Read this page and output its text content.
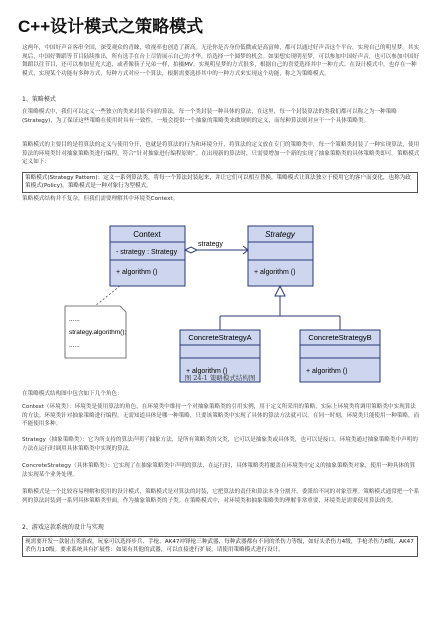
C++设计模式之策略模式

这两年，中国好声音客串全国，深受观众的青睐，收视率也创造了新高。无论你是否身份低微或是高富帅，都可以通过好声音这个平台，实现自己的明星梦。其实现后，中国好舞蹈等节目陆续推出，所有选手在台上尽情展示自己的才华，给选择一个圆梦的机会。如果想实现明星梦，可以参加中国好声音，也可以参加中国好舞蹈以往节目，还可以参加星光大道，或者像筷子兄弟一样，拍摄MV。实现明星梦的方式很多，根据自己的喜爱选择其中一种方式。在设计模式中，也存在一种模式，实现某个功能有多种方式，每种方式对应一个算法，根据需要选择其中的一种方式来实现这个功能，称之为策略模式。

1、策略模式

在策略模式中，我们可以定义一些独立的类来封装不同的算法，每一个类封装一种具体的算法，在这里，每一个封装算法的类我们都可以称之为一种策略(Strategy)，为了保证这些策略在使用时具有一致性，一般会提供一个抽象的策略类来做规则的定义，而每种算法则对应于一个具体策略类。

策略模式的主要目的是将算法的定义与使用分开，也就是将算法的行为和环境分开，将算法的定义放在专门的策略类中，每一个策略类封装了一种实现算法，使用算法的环境类针对抽象策略类进行编程，符合“针对抽象进行编程原则”。在出现新的算法时，只需要增加一个新的实现了抽象策略类的具体策略类即可。策略模式定义如下：

策略模式(Strategy Pattern)：定义一系列算法类，将每一个算法封装起来，并让它们可以相互替换，策略模式让算法独立于使用它的客户而变化，也称为政策模式(Policy)。策略模式是一种对象行为型模式。

策略模式结构并不复杂，但我们需要理解其中环境类Context。

Context
- strategy : Strategy
+ algorithm ()
strategy
Strategy
+ algorithm ()
...... strategy.algorithm(); ......
ConcreteStrategyA
+ algorithm ()
ConcreteStrategyB
+ algorithm ()
图 24-1 策略模式结构图

在策略模式结构图中包含如下几个角色：

Context（环境类）：环境类是使用算法的角色，在环境类中维持一个对抽象策略类的引用实例，用于定义所采用的策略，实际上环境类将调用策略类中实现算法的方法。环境类针对抽象策略进行编程，无需知道具体是哪一种策略，只要该策略类中实现了具体的算法方法就可以。在同一时刻，环境类只能使用一种策略，而不能使用多种。

Strategy（抽象策略类）：它为所支持的算法声明了抽象方法，是所有策略类的父类，它可以是抽象类或具体类，也可以是接口。环境类通过抽象策略类中声明的方法在运行时调用具体策略类中实现的算法。

ConcreteStrategy（具体策略类）：它实现了在抽象策略类中声明的算法，在运行时，具体策略类将覆盖在环境类中定义的抽象策略类对象，使用一种具体的算法实现某个业务处理。

策略模式是一个比较容易理解和使用的设计模式，策略模式是对算法的封装，它把算法的责任和算法本身分割开，委派给不同的对象管理。策略模式通常把一个系列的算法封装到一系列具体策略类里面，作为抽象策略类的子类。在策略模式中，对环境类和抽象策略类的理解非常重要，环境类是需要使用算法的类。

2、游戏这款系统的设计与实现

现需要开发一款射击类游戏，玩家可以选择步兵、手枪、AK47冲锋枪三种武器，每种武器都有不同的杀伤力等级，如好头杀伤力4级，手枪杀伤力8级，AK47杀伤力10级。要求系统具有扩展性：如果有其他的武器，可以直接进行扩展，请使用策略模式进行设计。
